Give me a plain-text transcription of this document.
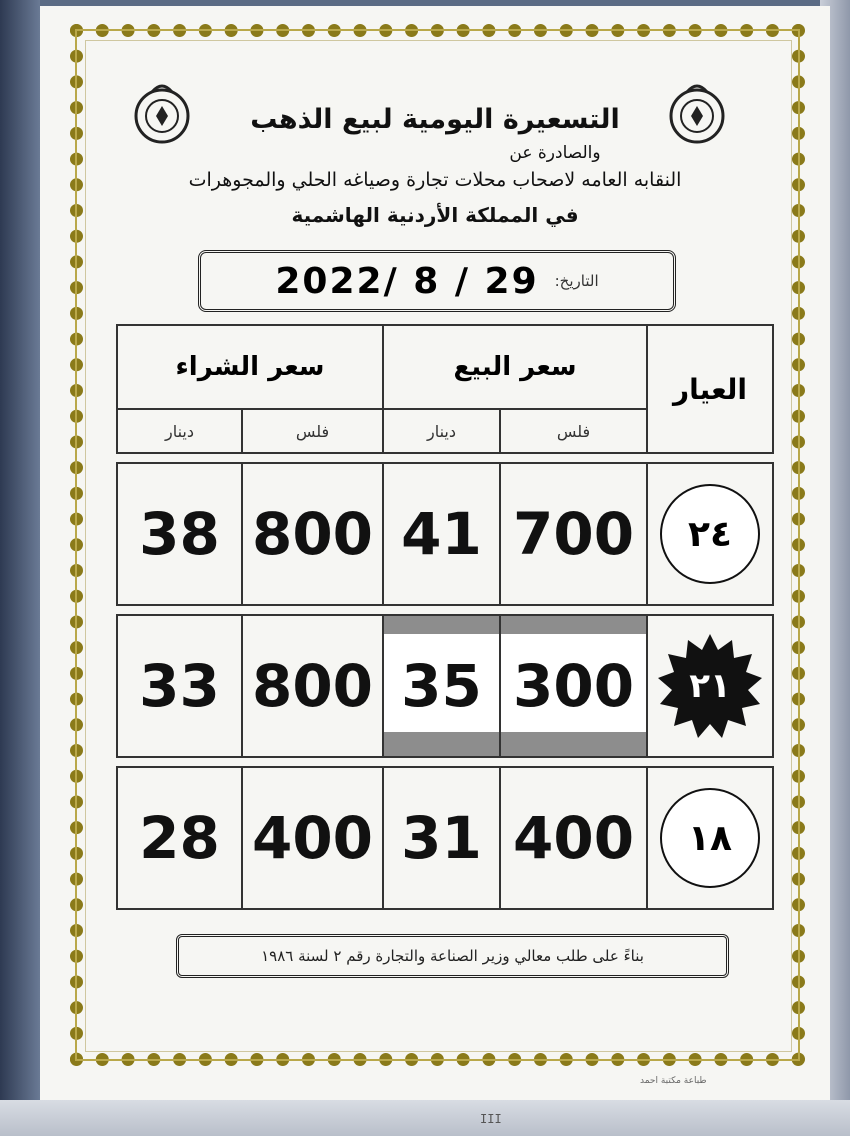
التسعيرة اليومية لبيع الذهب
والصادرة عن
النقابه العامه لاصحاب محلات تجارة وصياغه الحلي والمجوهرات
في المملكة الأردنية الهاشمية
2022/ 8 / 29 التاريخ:
سعر الشراء		سعر البيع		العيار
دينار	فلس	دينار	فلس	

38	800	41	700	٢٤

33	800	35	300	٢١

28	400	31	400	١٨
بناءً على طلب معالي وزير الصناعة والتجارة رقم ٢ لسنة ١٩٨٦
طباعة مكتبة احمد
III
